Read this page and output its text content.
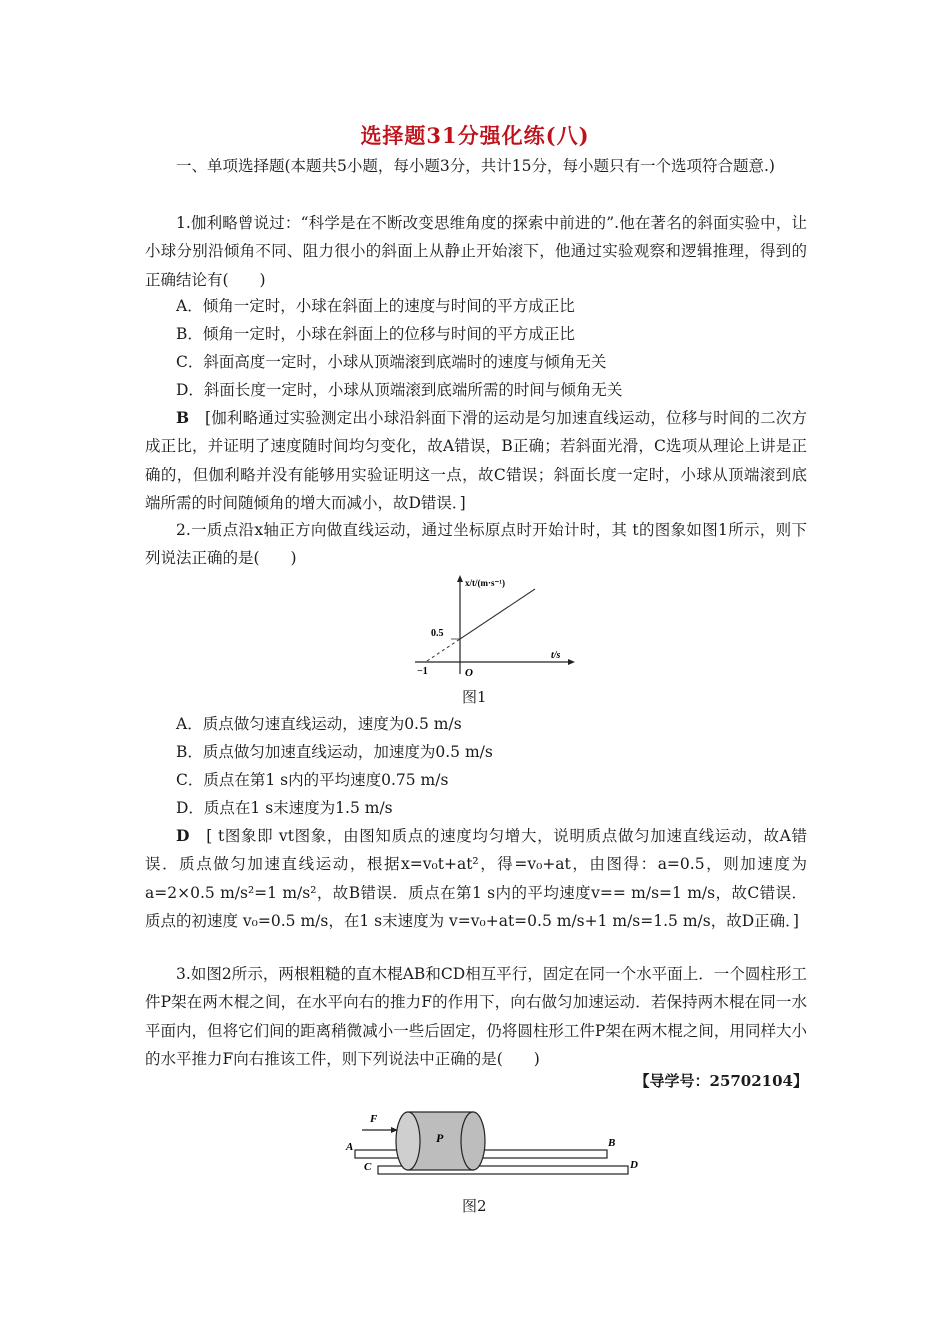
选择题31分强化练(八)
一、单项选择题(本题共5小题，每小题3分，共计15分，每小题只有一个选项符合题意.)
1.伽利略曾说过：“科学是在不断改变思维角度的探索中前进的”.他在著名的斜面实验中，让小球分别沿倾角不同、阻力很小的斜面上从静止开始滚下，他通过实验观察和逻辑推理，得到的正确结论有(　　)
A．倾角一定时，小球在斜面上的速度与时间的平方成正比
B．倾角一定时，小球在斜面上的位移与时间的平方成正比
C．斜面高度一定时，小球从顶端滚到底端时的速度与倾角无关
D．斜面长度一定时，小球从顶端滚到底端所需的时间与倾角无关
B　 [伽利略通过实验测定出小球沿斜面下滑的运动是匀加速直线运动，位移与时间的二次方成正比，并证明了速度随时间均匀变化，故A错误，B正确；若斜面光滑，C选项从理论上讲是正确的，但伽利略并没有能够用实验证明这一点，故C错误；斜面长度一定时，小球从顶端滚到底端所需的时间随倾角的增大而减小，故D错误．]
2.一质点沿x轴正方向做直线运动，通过坐标原点时开始计时，其 t的图象如图1所示，则下列说法正确的是(　　)
0.5
−1	O
t/s
x/t/(m·s⁻¹)
图1
A．质点做匀速直线运动，速度为0.5 m/s
B．质点做匀加速直线运动，加速度为0.5 m/s
C．质点在第1 s内的平均速度0.75 m/s
D．质点在1 s末速度为1.5 m/s
D　 [ t图象即 vt图象，由图知质点的速度均匀增大，说明质点做匀加速直线运动，故A错误．质点做匀加速直线运动，根据x=v₀t+at²，得=v₀+at，由图得：a=0.5，则加速度为a=2×0.5 m/s²=1 m/s²，故B错误．质点在第1 s内的平均速度v== m/s=1 m/s，故C错误．质点的初速度 v₀=0.5 m/s，在1 s末速度为 v=v₀+at=0.5 m/s+1 m/s=1.5 m/s，故D正确．]
3.如图2所示，两根粗糙的直木棍AB和CD相互平行，固定在同一个水平面上．一个圆柱形工件P架在两木棍之间，在水平向右的推力F的作用下，向右做匀加速运动．若保持两木棍在同一水平面内，但将它们间的距离稍微减小一些后固定，仍将圆柱形工件P架在两木棍之间，用同样大小的水平推力F向右推该工件，则下列说法中正确的是(　　)
【导学号：25702104】
F
P
A	B
C	D
图2
